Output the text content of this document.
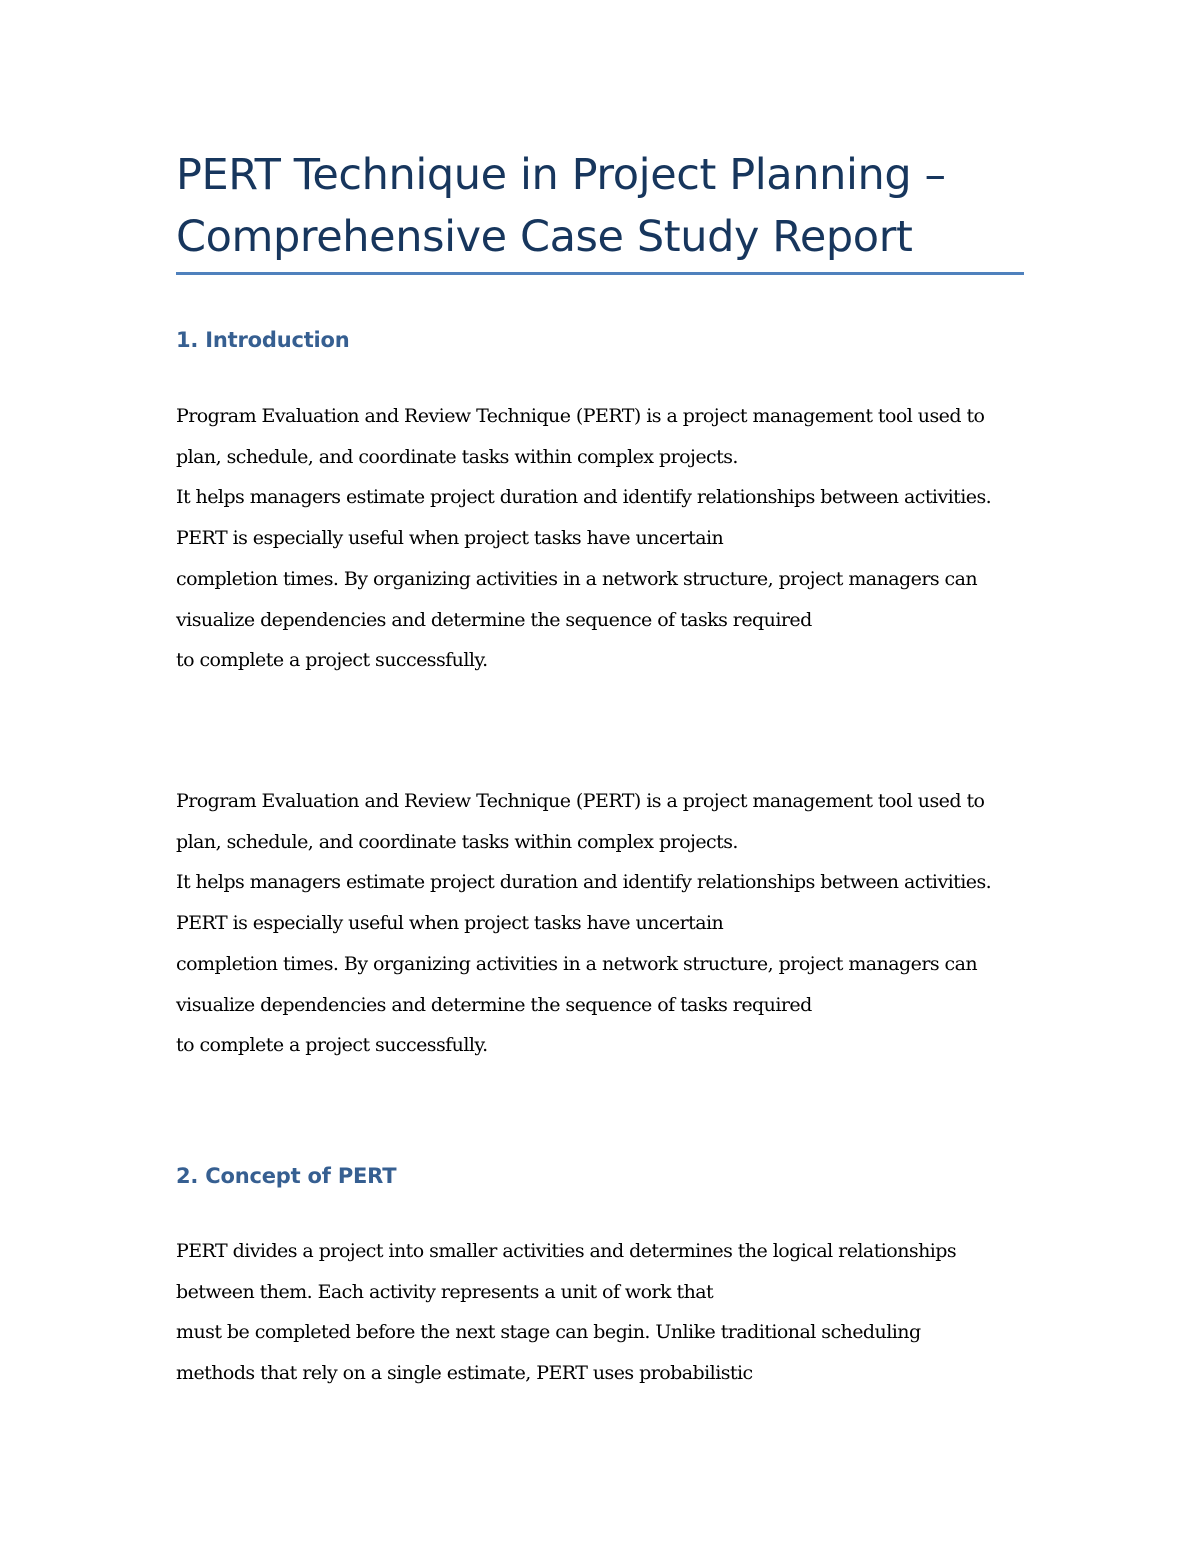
PERT Technique in Project Planning –
Comprehensive Case Study Report
1. Introduction

Program Evaluation and Review Technique (PERT) is a project management tool used to
plan, schedule, and coordinate tasks within complex projects.
It helps managers estimate project duration and identify relationships between activities.
PERT is especially useful when project tasks have uncertain
completion times. By organizing activities in a network structure, project managers can
visualize dependencies and determine the sequence of tasks required
to complete a project successfully.

Program Evaluation and Review Technique (PERT) is a project management tool used to
plan, schedule, and coordinate tasks within complex projects.
It helps managers estimate project duration and identify relationships between activities.
PERT is especially useful when project tasks have uncertain
completion times. By organizing activities in a network structure, project managers can
visualize dependencies and determine the sequence of tasks required
to complete a project successfully.

2. Concept of PERT

PERT divides a project into smaller activities and determines the logical relationships
between them. Each activity represents a unit of work that
must be completed before the next stage can begin. Unlike traditional scheduling
methods that rely on a single estimate, PERT uses probabilistic
